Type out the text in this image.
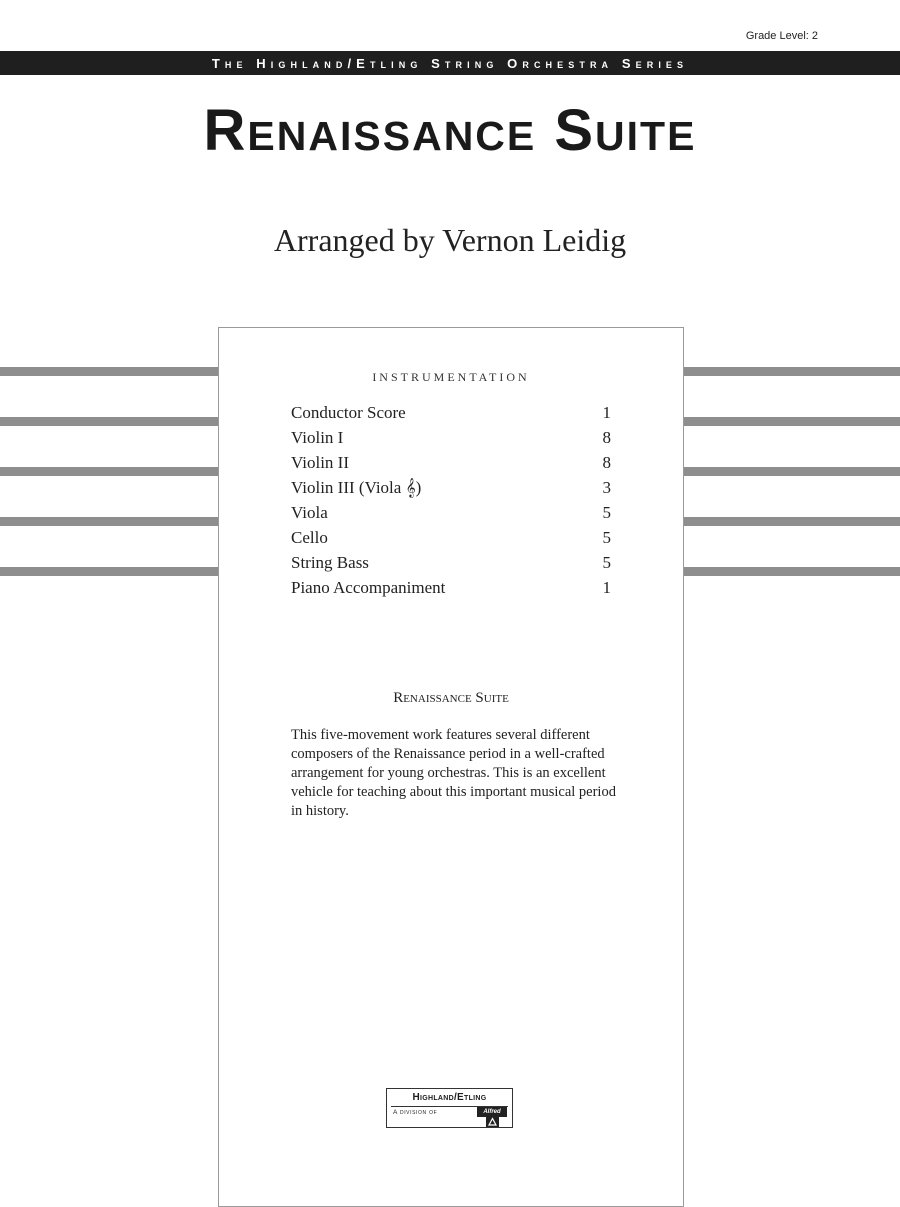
Grade Level: 2
The Highland/Etling String Orchestra Series
Renaissance Suite
Arranged by Vernon Leidig
INSTRUMENTATION
Conductor Score	1
Violin I	8
Violin II	8
Violin III (Viola 𝄞)	3
Viola	5
Cello	5
String Bass	5
Piano Accompaniment	1
Renaissance Suite

This five-movement work features several different composers of the Renaissance period in a well-crafted arrangement for young orchestras. This is an excellent vehicle for teaching about this important musical period in history.

Highland/Etling
A division of	Alfred
